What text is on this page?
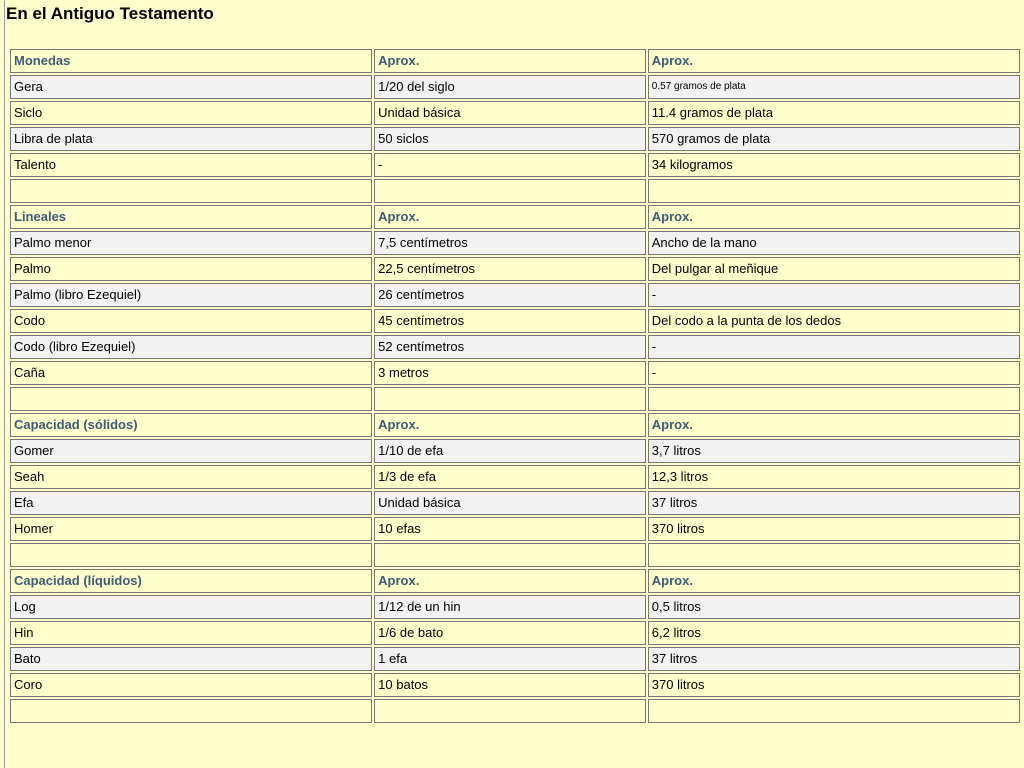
En el Antiguo Testamento
Monedas	Aprox.	Aprox.
Gera	1/20 del siglo	0.57 gramos de plata
Siclo	Unidad básica	11.4 gramos de plata
Libra de plata	50 siclos	570 gramos de plata
Talento	-	34 kilogramos

Lineales	Aprox.	Aprox.
Palmo menor	7,5 centímetros	Ancho de la mano
Palmo	22,5 centímetros	Del pulgar al meñique
Palmo (libro Ezequiel)	26 centímetros	-
Codo	45 centímetros	Del codo a la punta de los dedos
Codo (libro Ezequiel)	52 centímetros	-
Caña	3 metros	-

Capacidad (sólidos)	Aprox.	Aprox.
Gomer	1/10 de efa	3,7 litros
Seah	1/3 de efa	12,3 litros
Efa	Unidad básica	37 litros
Homer	10 efas	370 litros

Capacidad (líquidos)	Aprox.	Aprox.
Log	1/12 de un hin	0,5 litros
Hin	1/6 de bato	6,2 litros
Bato	1 efa	37 litros
Coro	10 batos	370 litros
